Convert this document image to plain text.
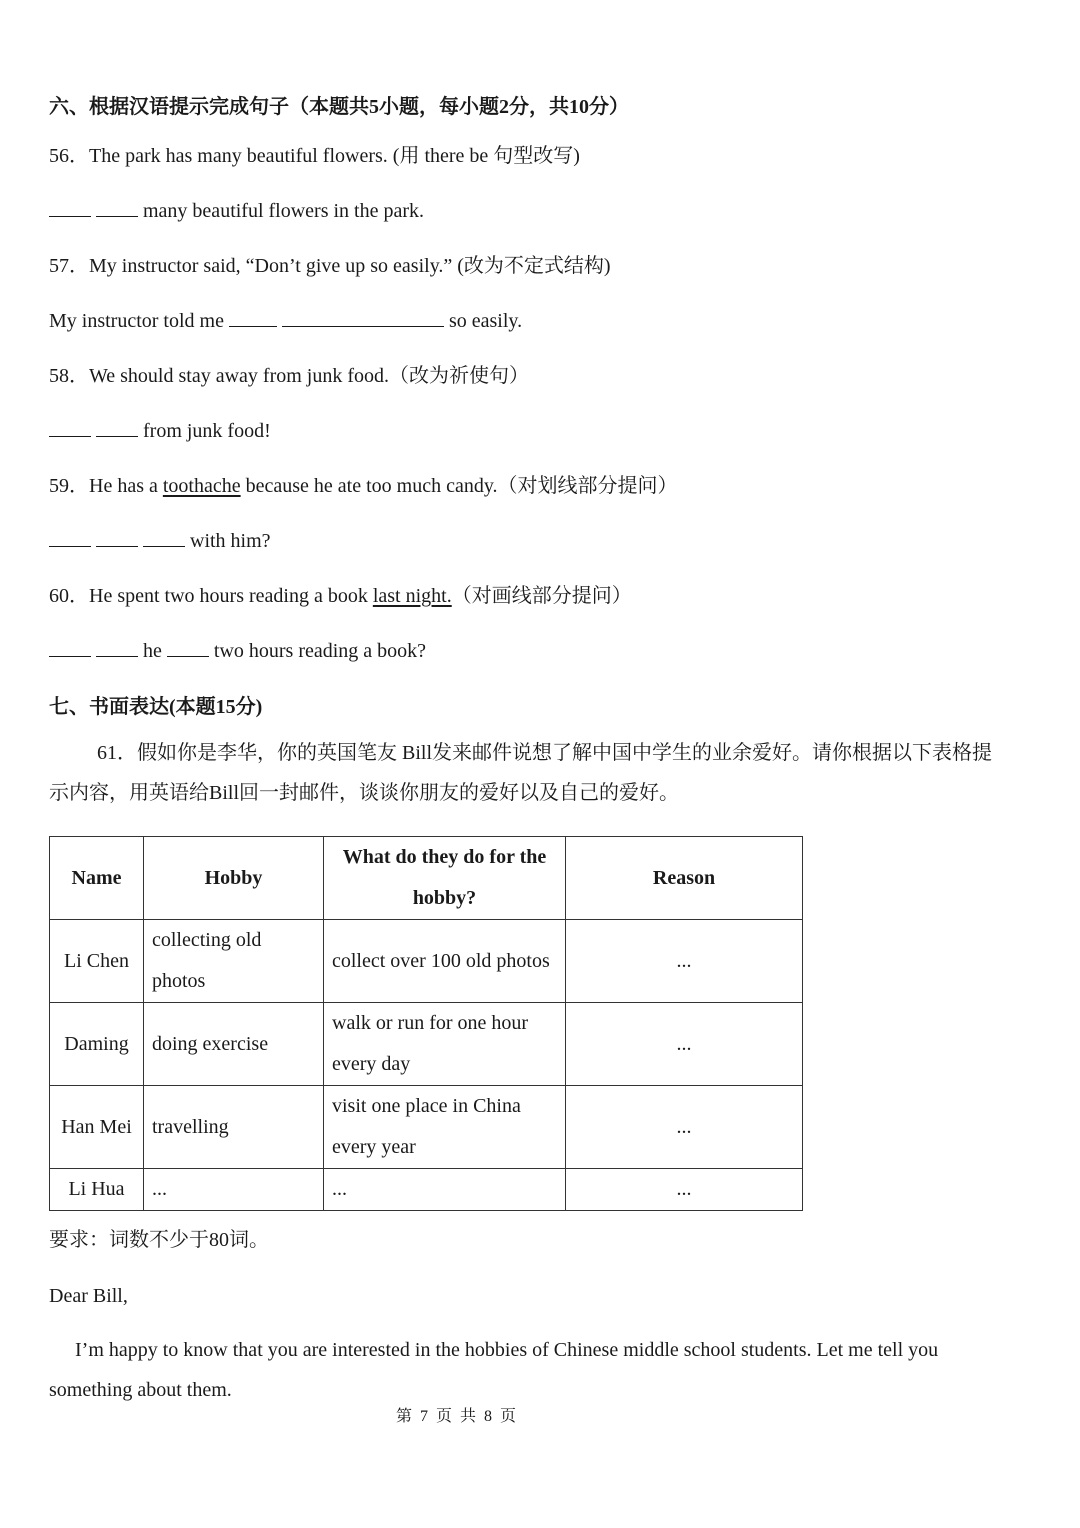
六、根据汉语提示完成句子（本题共5小题，每小题2分，共10分）
56．The park has many beautiful flowers. (用 there be 句型改写)
many beautiful flowers in the park.
57．My instructor said, “Don’t give up so easily.” (改为不定式结构)
My instructor told me	so easily.
58．We should stay away from junk food.（改为祈使句）
from junk food!
59．He has a toothache because he ate too much candy.（对划线部分提问）
with him?
60．He spent two hours reading a book last night.（对画线部分提问）
he	two hours reading a book?
七、书面表达(本题15分)
61．假如你是李华，你的英国笔友 Bill发来邮件说想了解中国中学生的业余爱好。请你根据以下表格提示内容，用英语给Bill回一封邮件，谈谈你朋友的爱好以及自己的爱好。
Name	Hobby	What do they do for the hobby?	Reason
Li Chen	collecting old photos	collect over 100 old photos	...
Daming	doing exercise	walk or run for one hour every day	...
Han Mei	travelling	visit one place in China every year	...
Li Hua	...	...	...
要求：词数不少于80词。
Dear Bill,
I’m happy to know that you are interested in the hobbies of Chinese middle school students. Let me tell you something about them.
第 7 页 共 8 页
